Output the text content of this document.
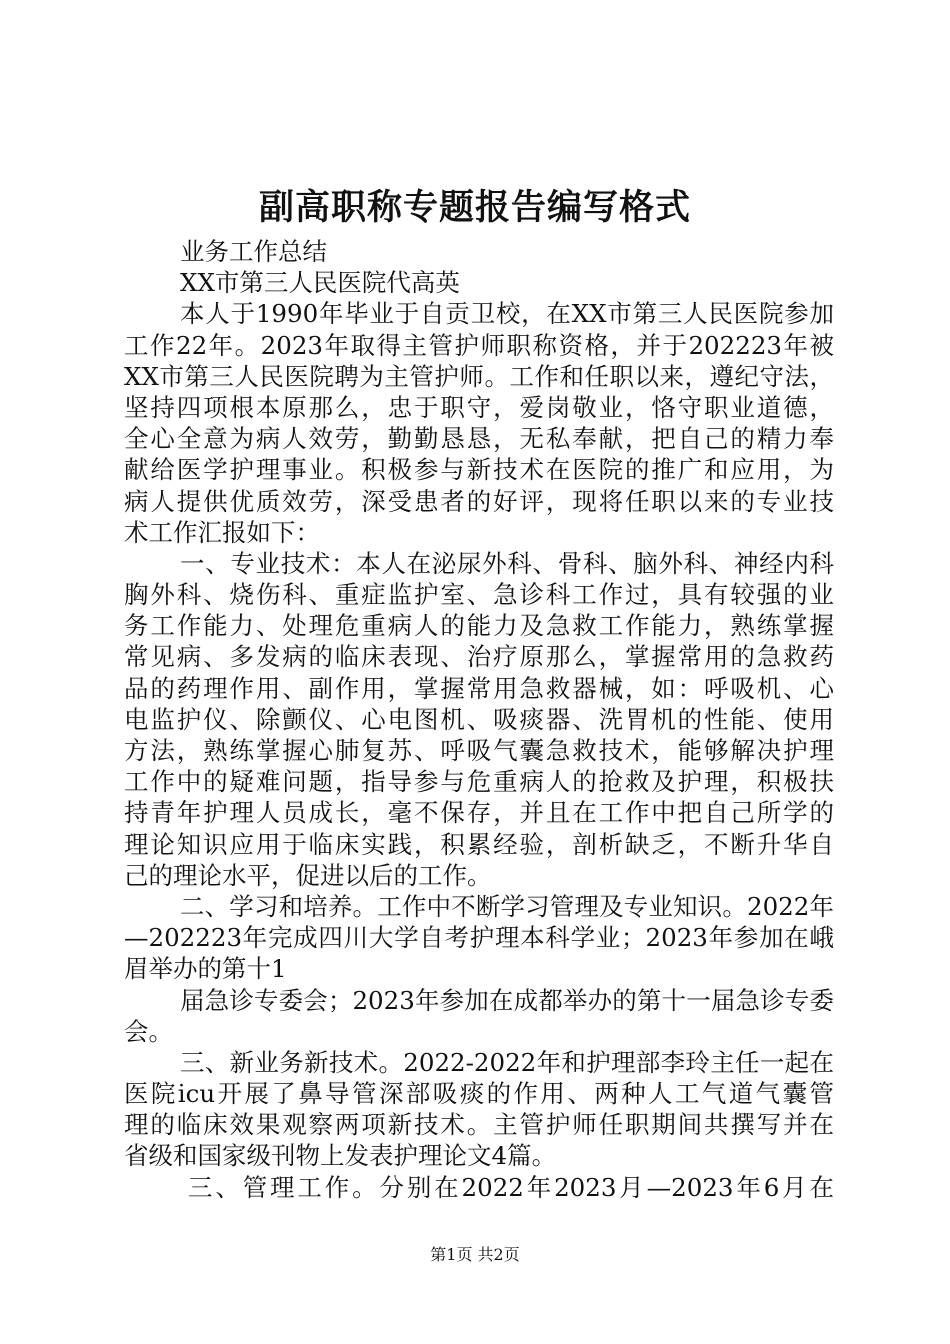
副高职称专题报告编写格式
业务工作总结
XX市第三人民医院代高英
本人于1990年毕业于自贡卫校，在XX市第三人民医院参加
工作22年。2023年取得主管护师职称资格，并于202223年被
XX市第三人民医院聘为主管护师。工作和任职以来，遵纪守法，
坚持四项根本原那么，忠于职守，爱岗敬业，恪守职业道德，
全心全意为病人效劳，勤勤恳恳，无私奉献，把自己的精力奉
献给医学护理事业。积极参与新技术在医院的推广和应用，为
病人提供优质效劳，深受患者的好评，现将任职以来的专业技
术工作汇报如下：
一、专业技术：本人在泌尿外科、骨科、脑外科、神经内科
胸外科、烧伤科、重症监护室、急诊科工作过，具有较强的业
务工作能力、处理危重病人的能力及急救工作能力，熟练掌握
常见病、多发病的临床表现、治疗原那么，掌握常用的急救药
品的药理作用、副作用，掌握常用急救器械，如：呼吸机、心
电监护仪、除颤仪、心电图机、吸痰器、洗胃机的性能、使用
方法，熟练掌握心肺复苏、呼吸气囊急救技术，能够解决护理
工作中的疑难问题，指导参与危重病人的抢救及护理，积极扶
持青年护理人员成长，毫不保存，并且在工作中把自己所学的
理论知识应用于临床实践，积累经验，剖析缺乏，不断升华自
己的理论水平，促进以后的工作。
二、学习和培养。工作中不断学习管理及专业知识。2022年
—202223年完成四川大学自考护理本科学业；2023年参加在峨
眉举办的第十1
届急诊专委会；2023年参加在成都举办的第十一届急诊专委
会。
三、新业务新技术。2022-2022年和护理部李玲主任一起在
医院icu开展了鼻导管深部吸痰的作用、两种人工气道气囊管
理的临床效果观察两项新技术。主管护师任职期间共撰写并在
省级和国家级刊物上发表护理论文4篇。
三、管理工作。分别在2022年2023月—2023年6月在
第1页 共2页
